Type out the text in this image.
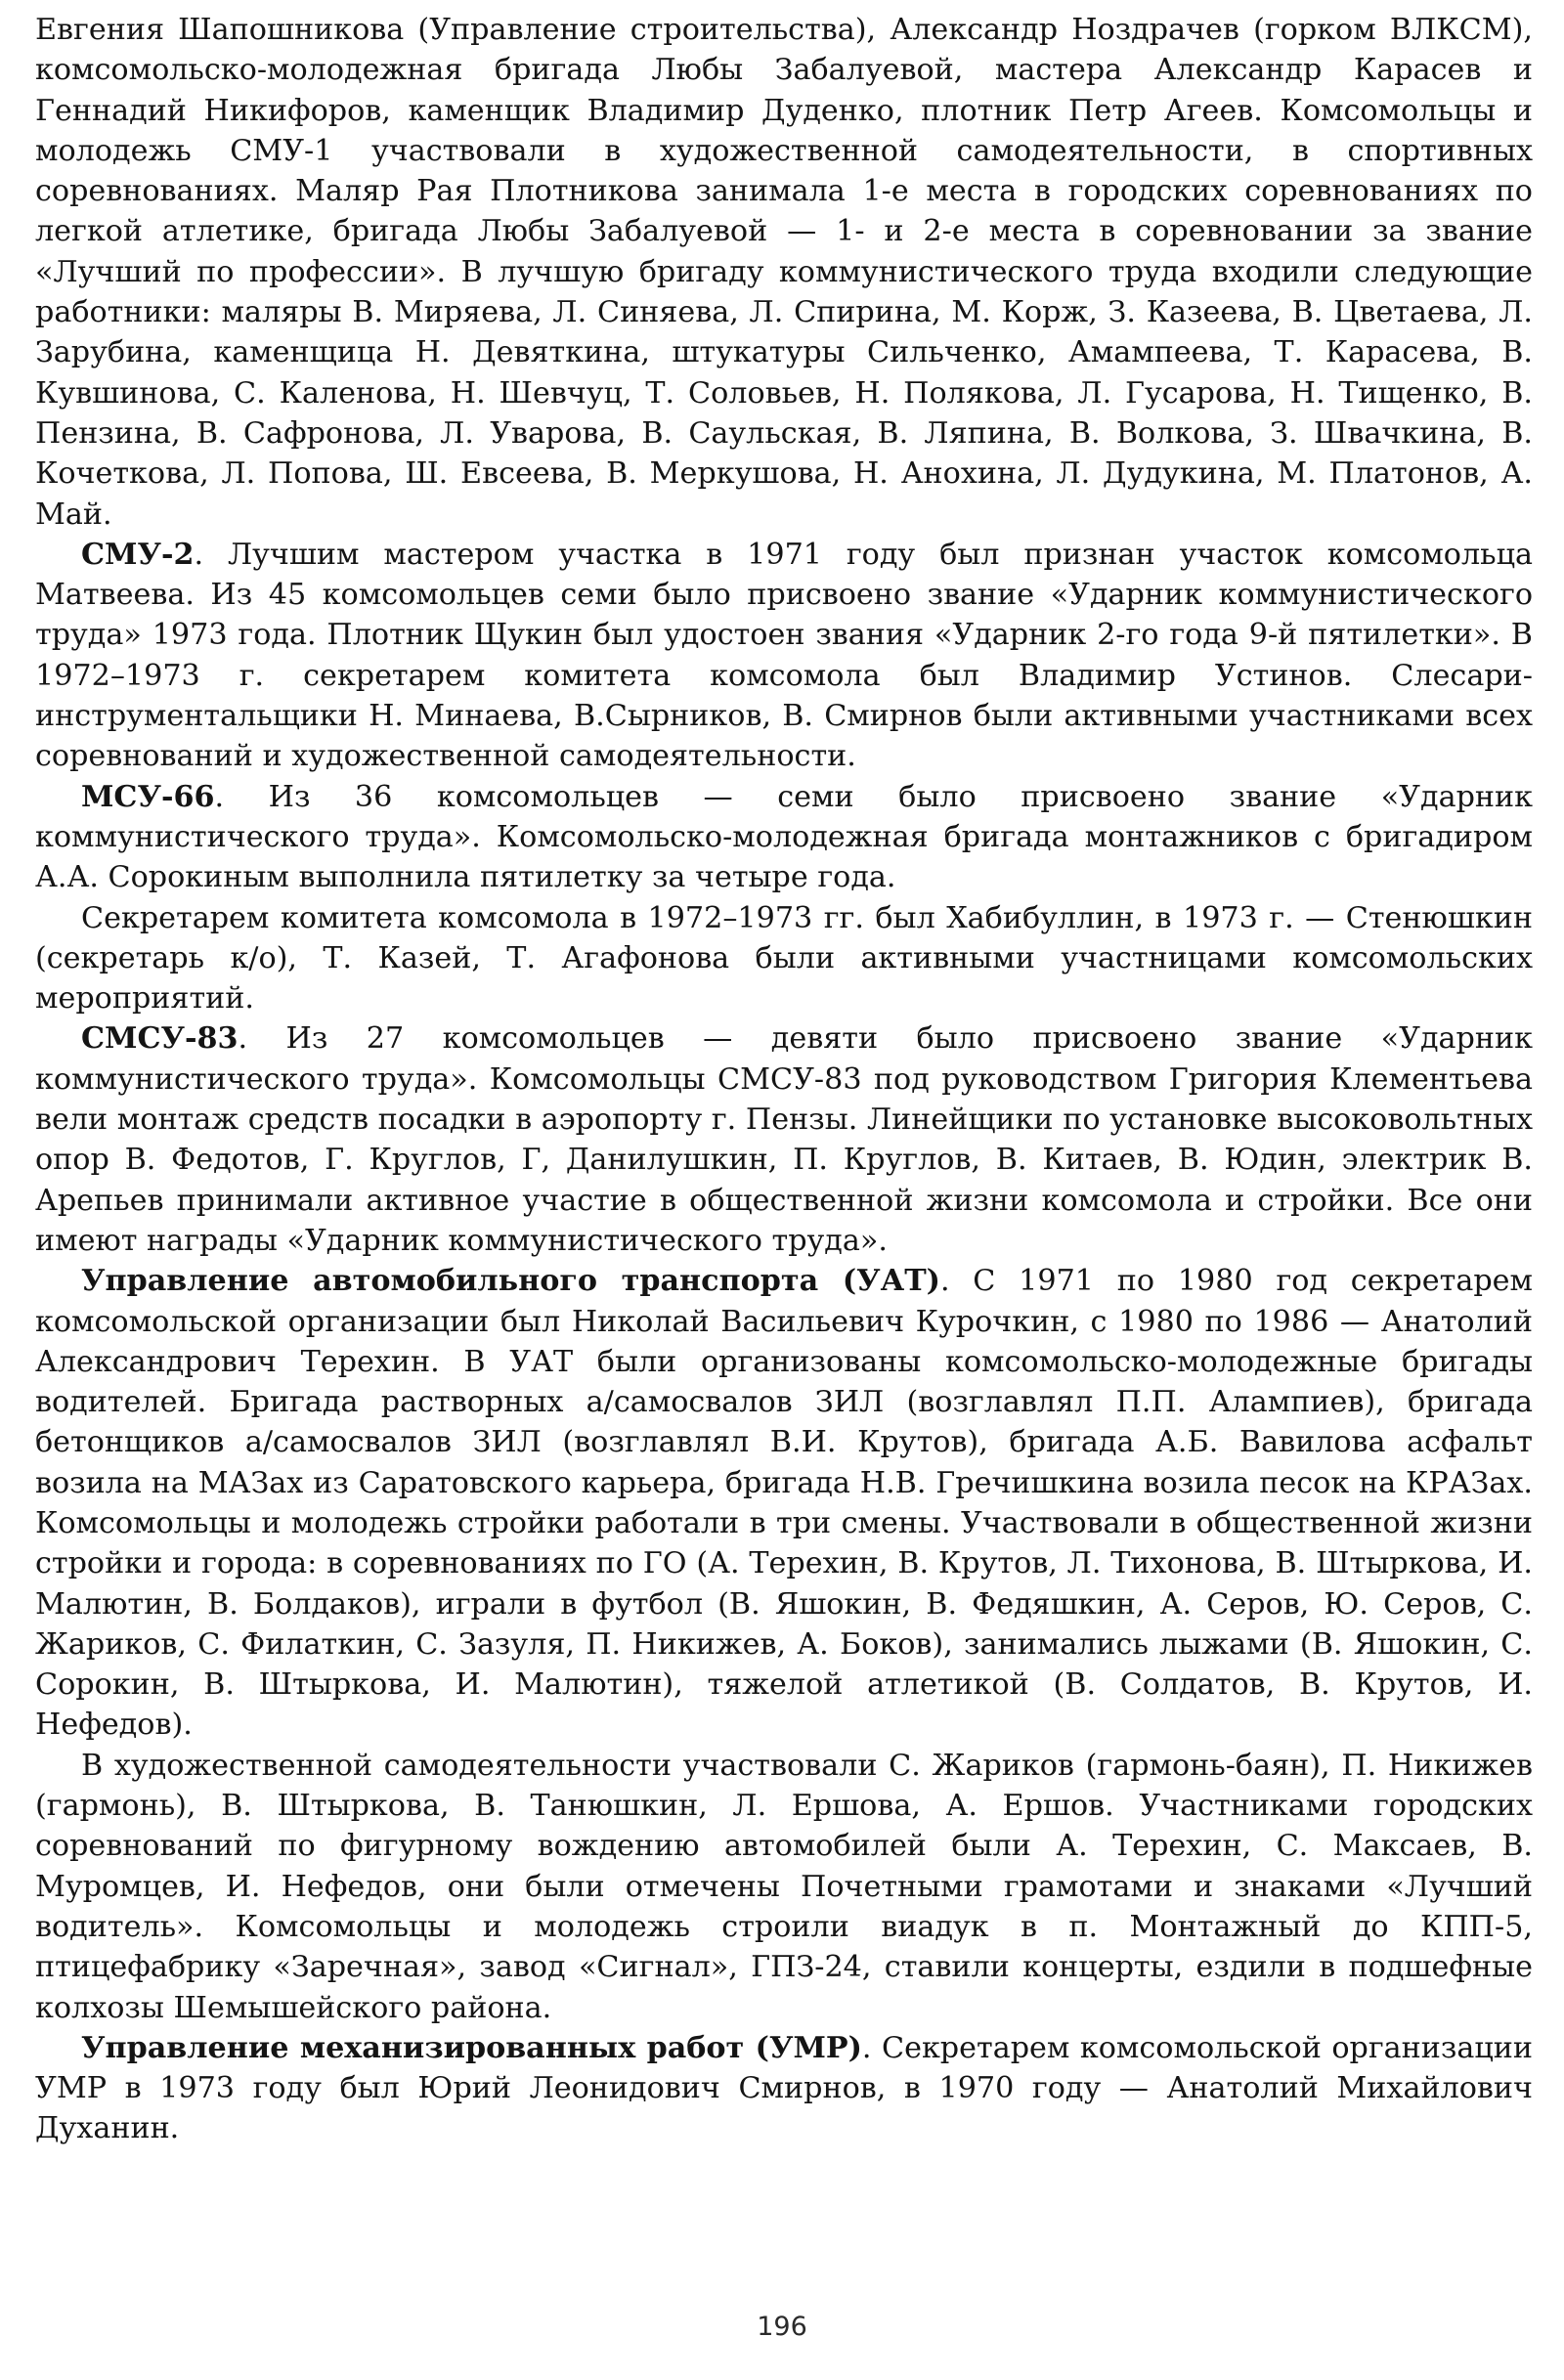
Евгения Шапошникова (Управление строительства), Александр Ноздрачев (горком ВЛКСМ), комсомольско-молодежная бригада Любы Забалуевой, мастера Александр Карасев и Геннадий Никифоров, каменщик Владимир Дуденко, плотник Петр Агеев. Комсомольцы и молодежь СМУ-1 участвовали в художественной самодеятельности, в спортивных соревнованиях. Маляр Рая Плотникова занимала 1-е места в городских соревнованиях по легкой атлетике, бригада Любы Забалуевой — 1- и 2-е места в соревновании за звание «Лучший по профессии». В лучшую бригаду коммунистического труда входили следующие работники: маляры В. Миряева, Л. Синяева, Л. Спирина, М. Корж, З. Казеева, В. Цветаева, Л. Зарубина, каменщица Н. Девяткина, штукатуры Сильченко, Амампеева, Т. Карасева, В. Кувшинова, С. Каленова, Н. Шевчуц, Т. Соловьев, Н. Полякова, Л. Гусарова, Н. Тищенко, В. Пензина, В. Сафронова, Л. Уварова, В. Саульская, В. Ляпина, В. Волкова, З. Швачкина, В. Кочеткова, Л. Попова, Ш. Евсеева, В. Меркушова, Н. Анохина, Л. Дудукина, М. Платонов, А. Май.

СМУ-2. Лучшим мастером участка в 1971 году был признан участок комсомольца Матвеева. Из 45 комсомольцев семи было присвоено звание «Ударник коммунистического труда» 1973 года. Плотник Щукин был удостоен звания «Ударник 2-го года 9-й пятилетки». В 1972–1973 г. секретарем комитета комсомола был Владимир Устинов. Слесари-инструментальщики Н. Минаева, В.Сырников, В. Смирнов были активными участниками всех соревнований и художественной самодеятельности.

МСУ-66. Из 36 комсомольцев — семи было присвоено звание «Ударник коммунистического труда». Комсомольско-молодежная бригада монтажников с бригадиром А.А. Сорокиным выполнила пятилетку за четыре года.

Секретарем комитета комсомола в 1972–1973 гг. был Хабибуллин, в 1973 г. — Стенюшкин (секретарь к/о), Т. Казей, Т. Агафонова были активными участницами комсомольских мероприятий.

СМСУ-83. Из 27 комсомольцев — девяти было присвоено звание «Ударник коммунистического труда». Комсомольцы СМСУ-83 под руководством Григория Клементьева вели монтаж средств посадки в аэропорту г. Пензы. Линейщики по установке высоковольтных опор В. Федотов, Г. Круглов, Г, Данилушкин, П. Круглов, В. Китаев, В. Юдин, электрик В. Арепьев принимали активное участие в общественной жизни комсомола и стройки. Все они имеют награды «Ударник коммунистического труда».

Управление автомобильного транспорта (УАТ). С 1971 по 1980 год секретарем комсомольской организации был Николай Васильевич Курочкин, с 1980 по 1986 — Анатолий Александрович Терехин. В УАТ были организованы комсомольско-молодежные бригады водителей. Бригада растворных а/самосвалов ЗИЛ (возглавлял П.П. Алампиев), бригада бетонщиков а/самосвалов ЗИЛ (возглавлял В.И. Крутов), бригада А.Б. Вавилова асфальт возила на МАЗах из Саратовского карьера, бригада Н.В. Гречишкина возила песок на КРАЗах. Комсомольцы и молодежь стройки работали в три смены. Участвовали в общественной жизни стройки и города: в соревнованиях по ГО (А. Терехин, В. Крутов, Л. Тихонова, В. Штыркова, И. Малютин, В. Болдаков), играли в футбол (В. Яшокин, В. Федяшкин, А. Серов, Ю. Серов, С. Жариков, С. Филаткин, С. Зазуля, П. Никижев, А. Боков), занимались лыжами (В. Яшокин, С. Сорокин, В. Штыркова, И. Малютин), тяжелой атлетикой (В. Солдатов, В. Крутов, И. Нефедов).

В художественной самодеятельности участвовали С. Жариков (гармонь-баян), П. Никижев (гармонь), В. Штыркова, В. Танюшкин, Л. Ершова, А. Ершов. Участниками городских соревнований по фигурному вождению автомобилей были А. Терехин, С. Максаев, В. Муромцев, И. Нефедов, они были отмечены Почетными грамотами и знаками «Лучший водитель». Комсомольцы и молодежь строили виадук в п. Монтажный до КПП-5, птицефабрику «Заречная», завод «Сигнал», ГПЗ-24, ставили концерты, ездили в подшефные колхозы Шемышейского района.

Управление механизированных работ (УМР). Секретарем комсомольской организации УМР в 1973 году был Юрий Леонидович Смирнов, в 1970 году — Анатолий Михайлович Духанин.

196
